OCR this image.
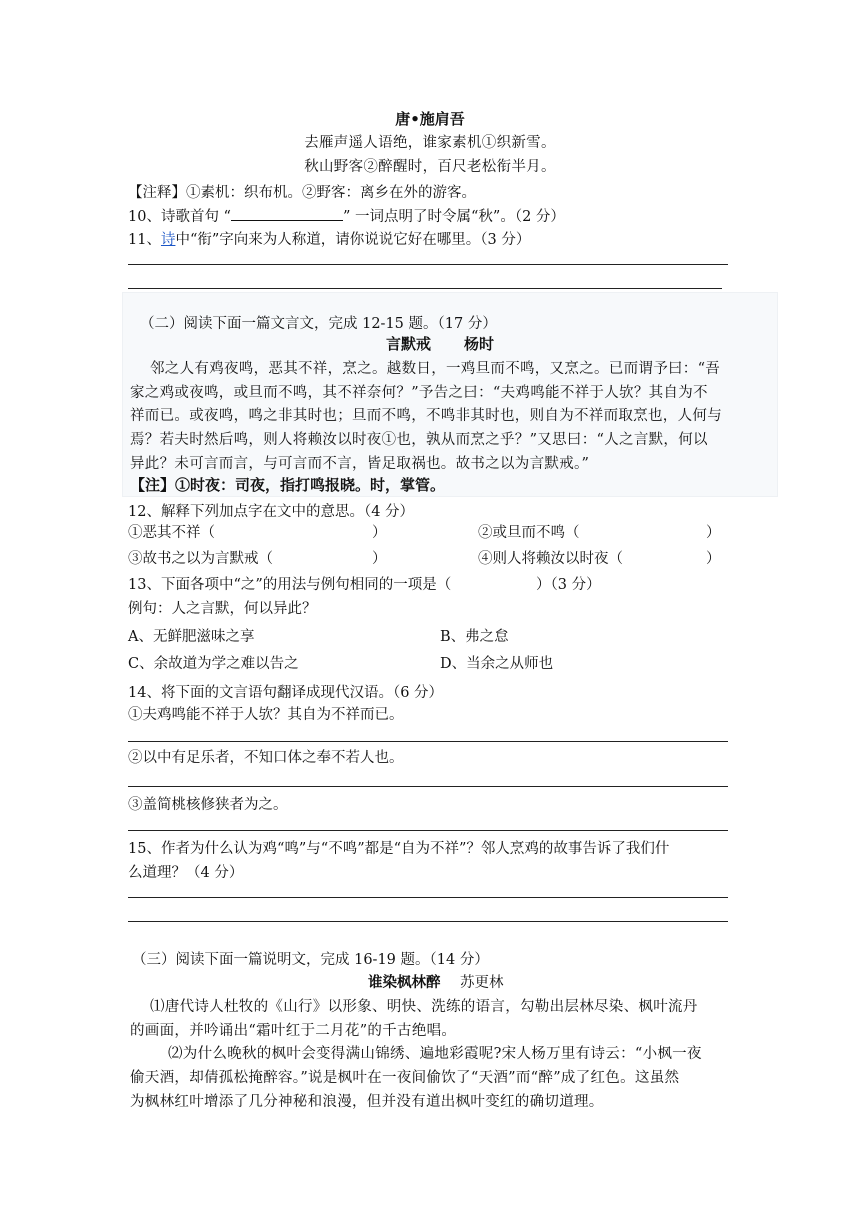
唐•施肩吾
去雁声遥人语绝，谁家素机①织新雪。
秋山野客②醉醒时，百尺老松衔半月。
【注释】①素机：织布机。②野客：离乡在外的游客。
10、诗歌首句 “	” 一词点明了时令属“秋”。（2 分）
11、诗中“衔”字向来为人称道，请你说说它好在哪里。（3 分）
（二）阅读下面一篇文言文，完成 12-15 题。（17 分）
言默戒 杨时
邻之人有鸡夜鸣，恶其不祥，烹之。越数日，一鸡旦而不鸣，又烹之。已而谓予曰：“吾
家之鸡或夜鸣，或旦而不鸣，其不祥奈何？”予告之曰：“夫鸡鸣能不祥于人欤？其自为不
祥而已。或夜鸣，鸣之非其时也；旦而不鸣，不鸣非其时也，则自为不祥而取烹也，人何与
焉？若夫时然后鸣，则人将赖汝以时夜①也，孰从而烹之乎？”又思曰：“人之言默，何以
异此？未可言而言，与可言而不言，皆足取祸也。故书之以为言默戒。”
【注】①时夜：司夜，指打鸣报晓。时，掌管。
12、解释下列加点字在文中的意思。（4 分）
①恶其不祥（	）	②或旦而不鸣（	）
③故书之以为言默戒（	）	④则人将赖汝以时夜（	）
13、下面各项中“之”的用法与例句相同的一项是（	）（3 分）
例句：人之言默，何以异此？
A、无鲜肥滋味之享	B、弗之怠
C、余故道为学之难以告之	D、当余之从师也
14、将下面的文言语句翻译成现代汉语。（6 分）
①夫鸡鸣能不祥于人欤？其自为不祥而已。
②以中有足乐者，不知口体之奉不若人也。
③盖简桃核修狭者为之。
15、作者为什么认为鸡“鸣”与“不鸣”都是“自为不祥”？邻人烹鸡的故事告诉了我们什
么道理？（4 分）
（三）阅读下面一篇说明文，完成 16-19 题。（14 分）
谁染枫林醉 苏更林
⑴唐代诗人杜牧的《山行》以形象、明快、洗练的语言，勾勒出层林尽染、枫叶流丹
的画面，并吟诵出“霜叶红于二月花”的千古绝唱。
⑵为什么晚秋的枫叶会变得满山锦绣、遍地彩霞呢?宋人杨万里有诗云：“小枫一夜
偷天酒，却倩孤松掩醉容。”说是枫叶在一夜间偷饮了“天酒”而“醉”成了红色。这虽然
为枫林红叶增添了几分神秘和浪漫，但并没有道出枫叶变红的确切道理。
